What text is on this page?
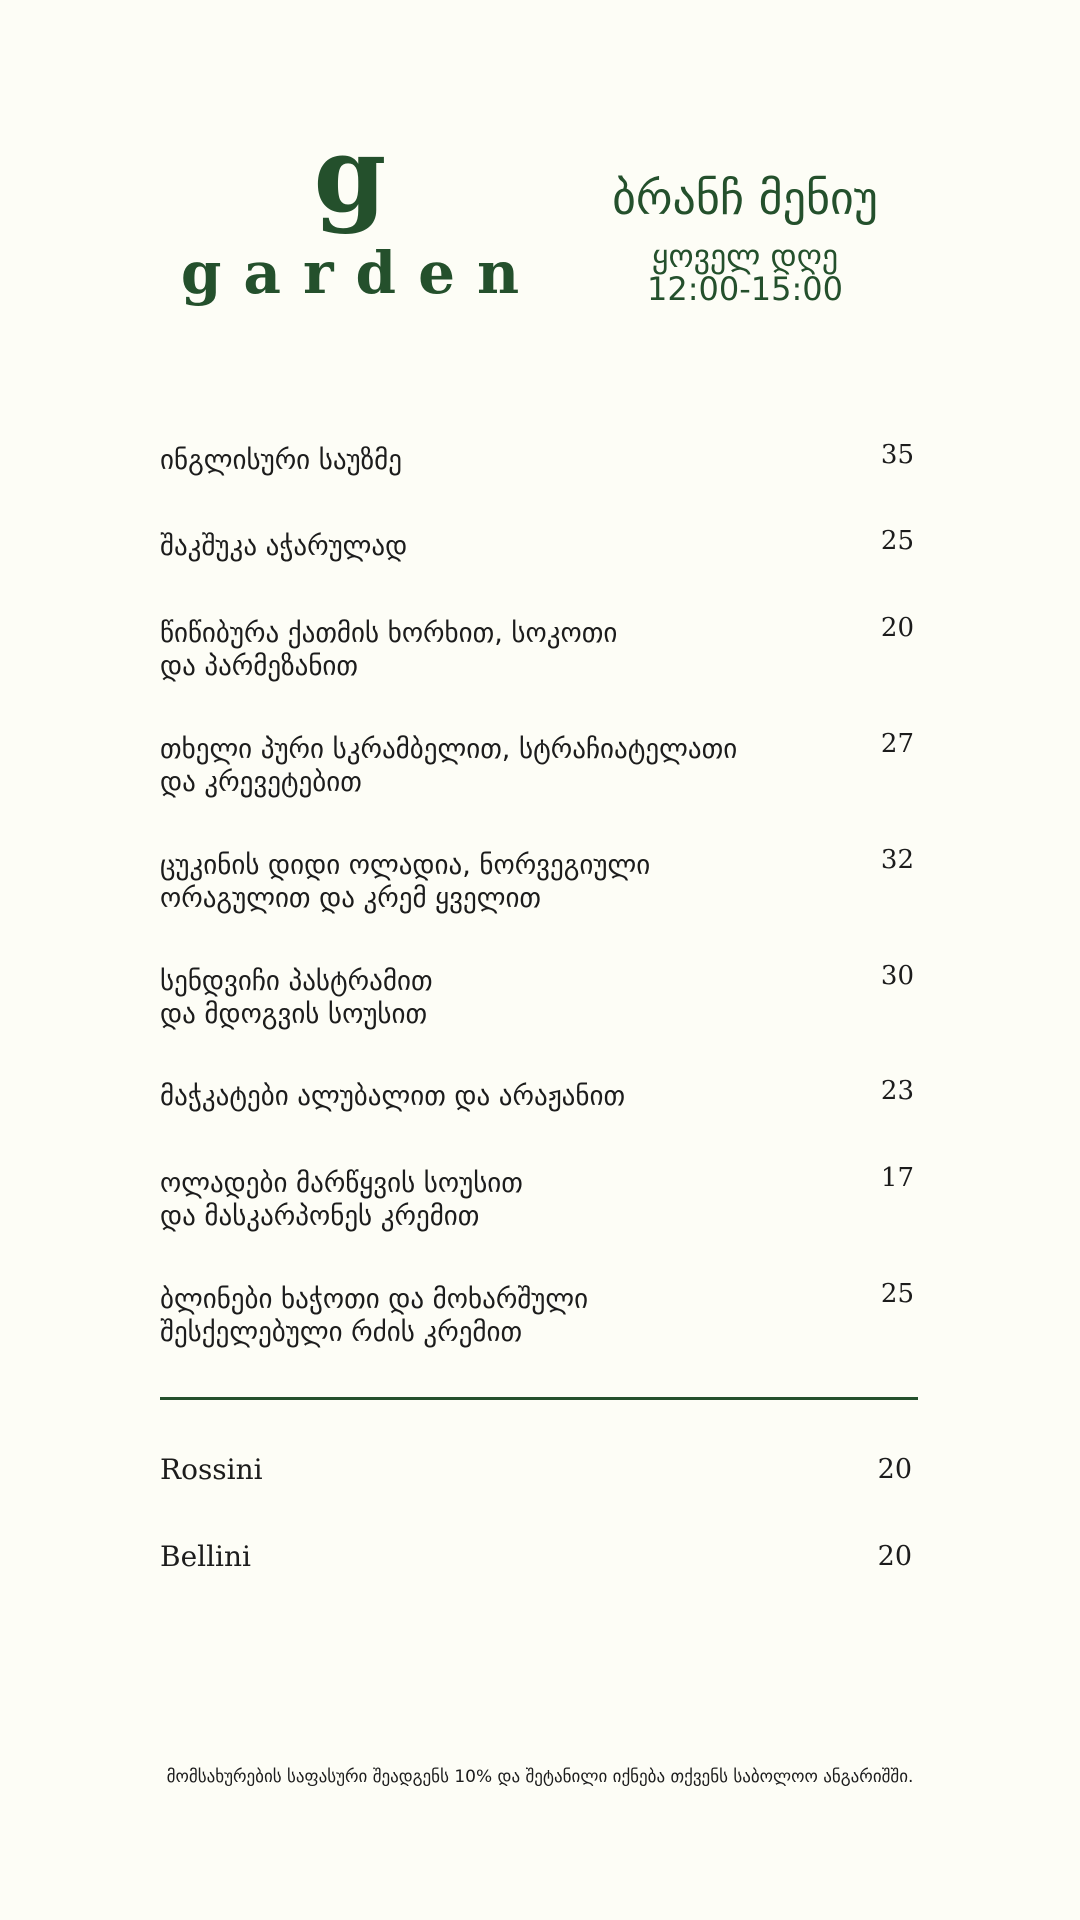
g
garden
ბრანჩ მენიუ
ყოველ დღე
12:00-15:00
ინგლისური საუზმე	35
შაკშუკა აჭარულად	25
წიწიბურა ქათმის ხორხით, სოკოთი
და პარმეზანით
20
თხელი პური სკრამბელით, სტრაჩიატელათი
და კრევეტებით
27
ცუკინის დიდი ოლადია, ნორვეგიული
ორაგულით და კრემ ყველით
32
სენდვიჩი პასტრამით
და მდოგვის სოუსით
30
მაჭკატები ალუბალით და არაჟანით	23
ოლადები მარწყვის სოუსით
და მასკარპონეს კრემით
17
ბლინები ხაჭოთი და მოხარშული
შესქელებული რძის კრემით
25
Rossini	20
Bellini	20
მომსახურების საფასური შეადგენს 10% და შეტანილი იქნება თქვენს საბოლოო ანგარიშში.
